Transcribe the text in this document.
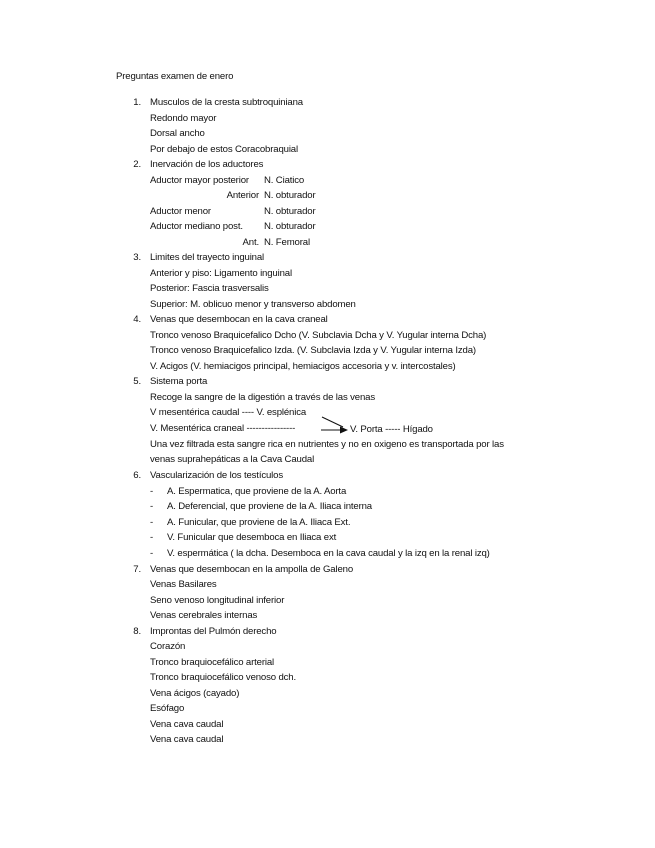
Preguntas examen de enero
1. Musculos de la cresta subtroquiniana
Redondo mayor
Dorsal ancho
Por debajo de estos Coracobraquial
2. Inervación de los aductores
Aductor mayor posterior N. Ciatico
Anterior N. obturador
Aductor menor	N. obturador
Aductor mediano post. N. obturador
Ant. N. Femoral
3. Limites del trayecto inguinal
Anterior y piso: Ligamento inguinal
Posterior: Fascia trasversalis
Superior: M. oblicuo menor y transverso abdomen
4. Venas que desembocan en la cava craneal
Tronco venoso Braquicefalico Dcho (V. Subclavia Dcha y V. Yugular interna Dcha)
Tronco venoso Braquicefalico Izda. (V. Subclavia Izda y V. Yugular interna Izda)
V. Acigos (V. hemiacigos principal, hemiacigos accesoria y v. intercostales)
5. Sistema porta
Recoge la sangre de la digestión a través de las venas
V mesentérica caudal ---- V. esplénica
V. Mesentérica craneal ----------------	V. Porta ----- Hígado
Una vez filtrada esta sangre rica en nutrientes y no en oxigeno es transportada por las
venas suprahepáticas a la Cava Caudal
6. Vascularización de los testículos
- A. Espermatica, que proviene de la A. Aorta
- A. Deferencial, que proviene de la A. Iliaca interna
- A. Funicular, que proviene de la A. Iliaca Ext.
- V. Funicular que desemboca en Iliaca ext
- V. espermática ( la dcha. Desemboca en la cava caudal y la izq en la renal izq)
7. Venas que desembocan en la ampolla de Galeno
Venas Basilares
Seno venoso longitudinal inferior
Venas cerebrales internas
8. Improntas del Pulmón derecho
Corazón
Tronco braquiocefálico arterial
Tronco braquiocefálico venoso dch.
Vena ácigos (cayado)
Esófago
Vena cava caudal
Vena cava caudal
